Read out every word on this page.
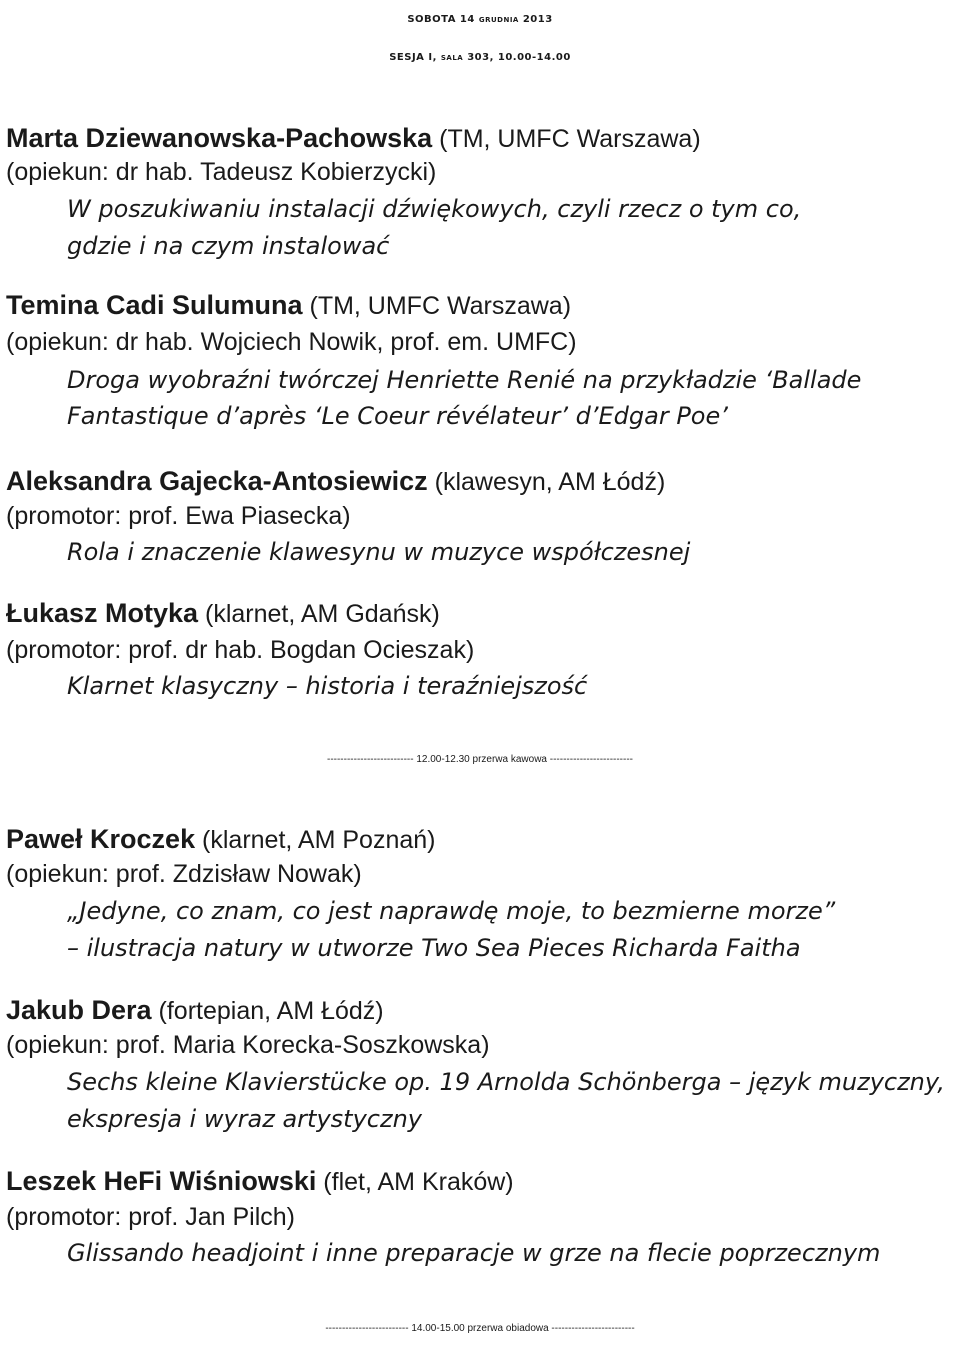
SOBOTA 14 grudnia 2013
SESJA I, sala 303, 10.00-14.00
Marta Dziewanowska-Pachowska (TM, UMFC Warszawa)
(opiekun: dr hab. Tadeusz Kobierzycki)
W poszukiwaniu instalacji dźwiękowych, czyli rzecz o tym co,
gdzie i na czym instalować
Temina Cadi Sulumuna (TM, UMFC Warszawa)
(opiekun: dr hab. Wojciech Nowik, prof. em. UMFC)
Droga wyobraźni twórczej Henriette Renié na przykładzie ‘Ballade
Fantastique d’après ‘Le Coeur révélateur’ d’Edgar Poe’
Aleksandra Gajecka-Antosiewicz (klawesyn, AM Łódź)
(promotor: prof. Ewa Piasecka)
Rola i znaczenie klawesynu w muzyce współczesnej
Łukasz Motyka (klarnet, AM Gdańsk)
(promotor: prof. dr hab. Bogdan Ocieszak)
Klarnet klasyczny – historia i teraźniejszość
-------------------------- 12.00-12.30 przerwa kawowa -------------------------
Paweł Kroczek (klarnet, AM Poznań)
(opiekun: prof. Zdzisław Nowak)
„Jedyne, co znam, co jest naprawdę moje, to bezmierne morze”
– ilustracja natury w utworze Two Sea Pieces Richarda Faitha
Jakub Dera (fortepian, AM Łódź)
(opiekun: prof. Maria Korecka-Soszkowska)
Sechs kleine Klavierstücke op. 19 Arnolda Schönberga – język muzyczny,
ekspresja i wyraz artystyczny
Leszek HeFi Wiśniowski (flet, AM Kraków)
(promotor: prof. Jan Pilch)
Glissando headjoint i inne preparacje w grze na flecie poprzecznym
------------------------- 14.00-15.00 przerwa obiadowa -------------------------
